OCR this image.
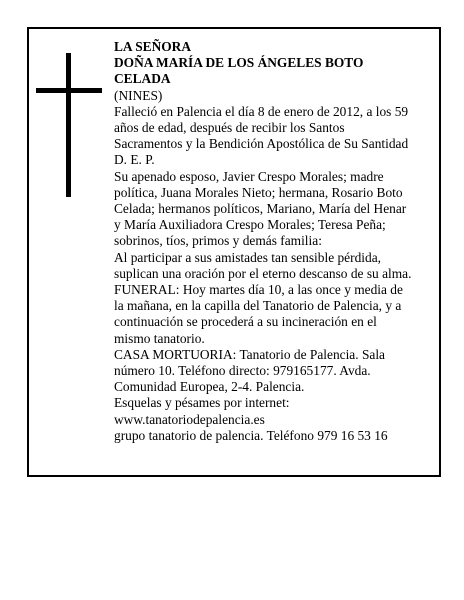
LA SEÑORA
DOÑA MARÍA DE LOS ÁNGELES BOTO
CELADA
(NINES)
Falleció en Palencia el día 8 de enero de 2012, a los 59
años de edad, después de recibir los Santos
Sacramentos y la Bendición Apostólica de Su Santidad
D. E. P.
Su apenado esposo, Javier Crespo Morales; madre
política, Juana Morales Nieto; hermana, Rosario Boto
Celada; hermanos políticos, Mariano, María del Henar
y María Auxiliadora Crespo Morales; Teresa Peña;
sobrinos, tíos, primos y demás familia:
Al participar a sus amistades tan sensible pérdida,
suplican una oración por el eterno descanso de su alma.
FUNERAL: Hoy martes día 10, a las once y media de
la mañana, en la capilla del Tanatorio de Palencia, y a
continuación se procederá a su incineración en el
mismo tanatorio.
CASA MORTUORIA: Tanatorio de Palencia. Sala
número 10. Teléfono directo: 979165177. Avda.
Comunidad Europea, 2-4. Palencia.
Esquelas y pésames por internet:
www.tanatoriodepalencia.es
grupo tanatorio de palencia. Teléfono 979 16 53 16
